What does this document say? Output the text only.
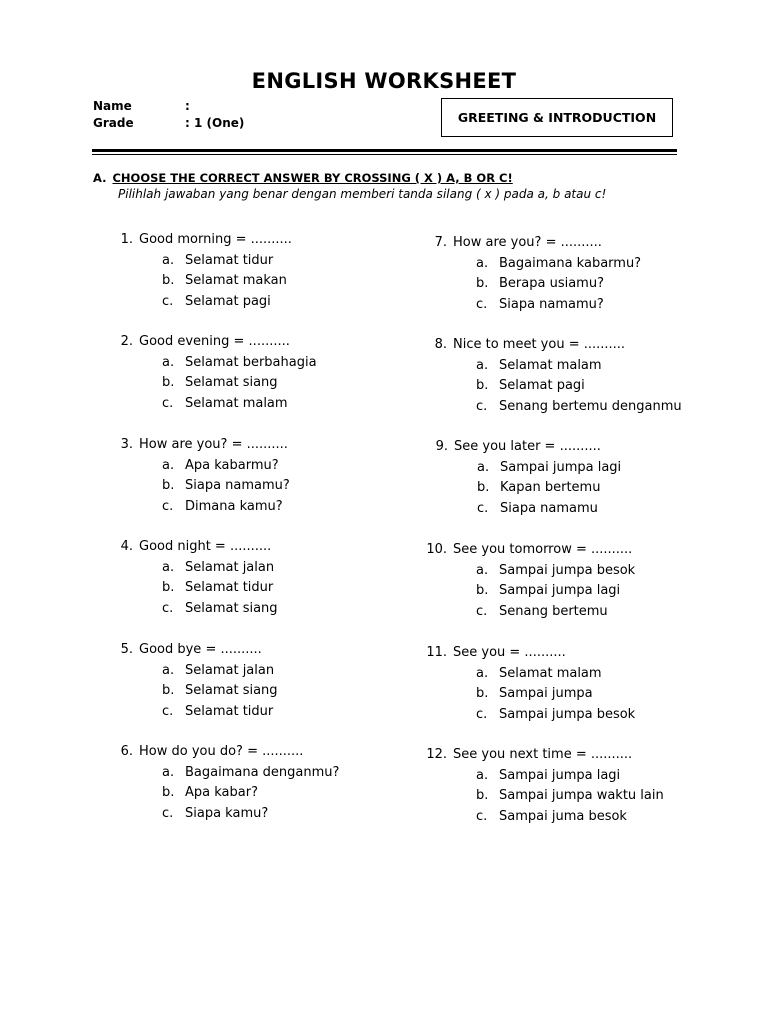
ENGLISH WORKSHEET
Name	:
Grade	: 1 (One)	GREETING & INTRODUCTION
A. CHOOSE THE CORRECT ANSWER BY CROSSING ( X ) A, B OR C!
Pilihlah jawaban yang benar dengan memberi tanda silang ( x ) pada a, b atau c!
1. Good morning = ..........
a. Selamat tidur
b. Selamat makan
c. Selamat pagi
2. Good evening = ..........
a. Selamat berbahagia
b. Selamat siang
c. Selamat malam
3. How are you? = ..........
a. Apa kabarmu?
b. Siapa namamu?
c. Dimana kamu?
4. Good night = ..........
a. Selamat jalan
b. Selamat tidur
c. Selamat siang
5. Good bye = ..........
a. Selamat jalan
b. Selamat siang
c. Selamat tidur
6. How do you do? = ..........
a. Bagaimana denganmu?
b. Apa kabar?
c. Siapa kamu?
7. How are you? = ..........
a. Bagaimana kabarmu?
b. Berapa usiamu?
c. Siapa namamu?
8. Nice to meet you = ..........
a. Selamat malam
b. Selamat pagi
c. Senang bertemu denganmu
9. See you later = ..........
a. Sampai jumpa lagi
b. Kapan bertemu
c. Siapa namamu
10. See you tomorrow = ..........
a. Sampai jumpa besok
b. Sampai jumpa lagi
c. Senang bertemu
11. See you = ..........
a. Selamat malam
b. Sampai jumpa
c. Sampai jumpa besok
12. See you next time = ..........
a. Sampai jumpa lagi
b. Sampai jumpa waktu lain
c. Sampai juma besok
